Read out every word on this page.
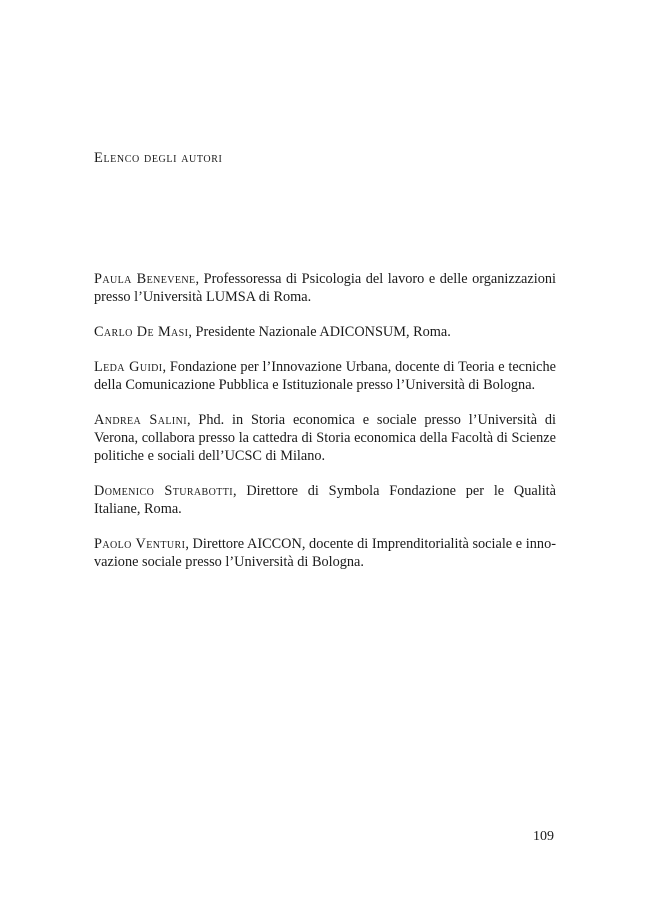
Elenco degli autori

Paula Benevene, Professoressa di Psicologia del lavoro e delle organizzazioni presso l’Università LUMSA di Roma.

Carlo De Masi, Presidente Nazionale ADICONSUM, Roma.

Leda Guidi, Fondazione per l’Innovazione Urbana, docente di Teoria e tecniche della Comunicazione Pubblica e Istituzionale presso l’Università di Bologna.

Andrea Salini, Phd. in Storia economica e sociale presso l’Università di Verona, collabora presso la cattedra di Storia economica della Facoltà di Scienze politiche e sociali dell’UCSC di Milano.

Domenico Sturabotti, Direttore di Symbola Fondazione per le Qualità Italiane, Roma.

Paolo Venturi, Direttore AICCON, docente di Imprenditorialità sociale e innovazione sociale presso l’Università di Bologna.

109
